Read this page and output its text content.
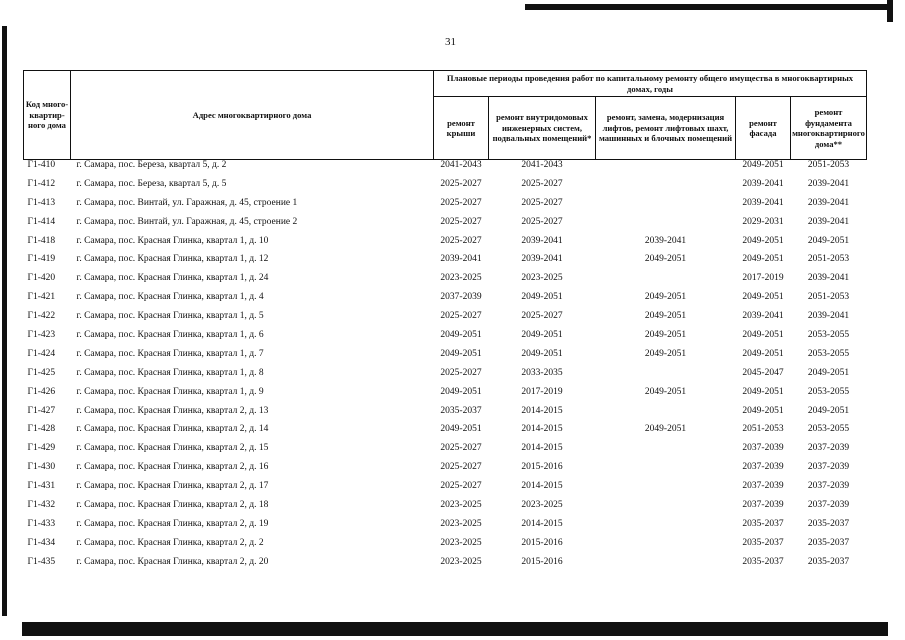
31
Код много-квартир-ного дома	Адрес многоквартирного дома	Плановые периоды проведения работ по капитальному ремонту общего имущества в многоквартирных домах, годы				
		ремонт крыши	ремонт внутридомовых инженерных систем, подвальных помещений*	ремонт, замена, модернизация лифтов, ремонт лифтовых шахт, машинных и блочных помещений	ремонт фасада	ремонт фундамента многоквартирного дома**
Г1-410	г. Самара, пос. Береза, квартал 5, д. 2	2041-2043	2041-2043		2049-2051	2051-2053
Г1-412	г. Самара, пос. Береза, квартал 5, д. 5	2025-2027	2025-2027		2039-2041	2039-2041
Г1-413	г. Самара, пос. Винтай, ул. Гаражная, д. 45, строение 1	2025-2027	2025-2027		2039-2041	2039-2041
Г1-414	г. Самара, пос. Винтай, ул. Гаражная, д. 45, строение 2	2025-2027	2025-2027		2029-2031	2039-2041
Г1-418	г. Самара, пос. Красная Глинка, квартал 1, д. 10	2025-2027	2039-2041	2039-2041	2049-2051	2049-2051
Г1-419	г. Самара, пос. Красная Глинка, квартал 1, д. 12	2039-2041	2039-2041	2049-2051	2049-2051	2051-2053
Г1-420	г. Самара, пос. Красная Глинка, квартал 1, д. 24	2023-2025	2023-2025		2017-2019	2039-2041
Г1-421	г. Самара, пос. Красная Глинка, квартал 1, д. 4	2037-2039	2049-2051	2049-2051	2049-2051	2051-2053
Г1-422	г. Самара, пос. Красная Глинка, квартал 1, д. 5	2025-2027	2025-2027	2049-2051	2039-2041	2039-2041
Г1-423	г. Самара, пос. Красная Глинка, квартал 1, д. 6	2049-2051	2049-2051	2049-2051	2049-2051	2053-2055
Г1-424	г. Самара, пос. Красная Глинка, квартал 1, д. 7	2049-2051	2049-2051	2049-2051	2049-2051	2053-2055
Г1-425	г. Самара, пос. Красная Глинка, квартал 1, д. 8	2025-2027	2033-2035		2045-2047	2049-2051
Г1-426	г. Самара, пос. Красная Глинка, квартал 1, д. 9	2049-2051	2017-2019	2049-2051	2049-2051	2053-2055
Г1-427	г. Самара, пос. Красная Глинка, квартал 2, д. 13	2035-2037	2014-2015		2049-2051	2049-2051
Г1-428	г. Самара, пос. Красная Глинка, квартал 2, д. 14	2049-2051	2014-2015	2049-2051	2051-2053	2053-2055
Г1-429	г. Самара, пос. Красная Глинка, квартал 2, д. 15	2025-2027	2014-2015		2037-2039	2037-2039
Г1-430	г. Самара, пос. Красная Глинка, квартал 2, д. 16	2025-2027	2015-2016		2037-2039	2037-2039
Г1-431	г. Самара, пос. Красная Глинка, квартал 2, д. 17	2025-2027	2014-2015		2037-2039	2037-2039
Г1-432	г. Самара, пос. Красная Глинка, квартал 2, д. 18	2023-2025	2023-2025		2037-2039	2037-2039
Г1-433	г. Самара, пос. Красная Глинка, квартал 2, д. 19	2023-2025	2014-2015		2035-2037	2035-2037
Г1-434	г. Самара, пос. Красная Глинка, квартал 2, д. 2	2023-2025	2015-2016		2035-2037	2035-2037
Г1-435	г. Самара, пос. Красная Глинка, квартал 2, д. 20	2023-2025	2015-2016		2035-2037	2035-2037
